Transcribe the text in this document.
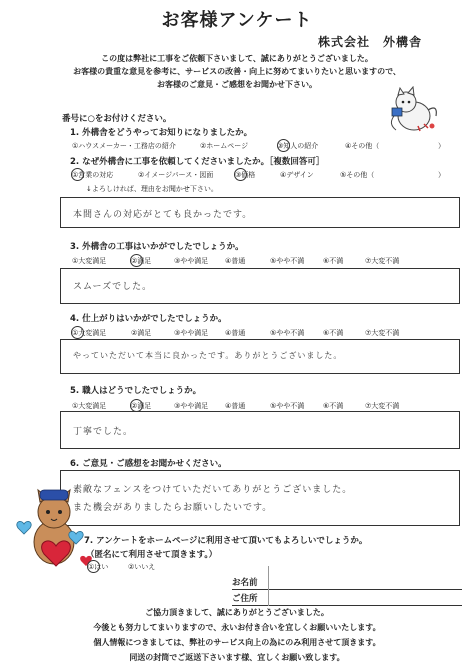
お客様アンケート
株式会社　外構舎
この度は弊社に工事をご依頼下さいまして、誠にありがとうございました。
お客様の貴重な意見を参考に、サービスの改善・向上に努めてまいりたいと思いますので、
お客様のご意見・ご感想をお聞かせ下さい。
番号に○をお付けください。
1. 外構舎をどうやってお知りになりましたか。
①ハウスメーカー・工務店の紹介	②ホームページ	③知人の紹介	④その他（	）
2. なぜ外構舎に工事を依頼してくださいましたか。［複数回答可］
①営業の対応	②イメージパース・図面	③価格	④デザイン	⑤その他（	）
↓よろしければ、理由をお聞かせ下さい。
本間さんの対応がとても良かったです。
3. 外構舎の工事はいかがでしたでしょうか。
①大変満足	②満足	③やや満足 ④普通	⑤やや不満	⑥不満	⑦大変不満
スムーズでした。
4. 仕上がりはいかがでしたでしょうか。
①大変満足	②満足	③やや満足 ④普通	⑤やや不満	⑥不満	⑦大変不満
やっていただいて本当に良かったです。ありがとうございました。
5. 職人はどうでしたでしょうか。
①大変満足	②満足	③やや満足 ④普通	⑤やや不満	⑥不満	⑦大変不満
丁寧でした。
6. ご意見・ご感想をお聞かせください。
素敵なフェンスをつけていただいてありがとうございました。
また機会がありましたらお願いしたいです。
7. アンケートをホームページに利用させて頂いてもよろしいでしょうか。
（匿名にて利用させて頂きます。）
①はい	②いいえ
お名前
ご住所
ご協力頂きまして、誠にありがとうございました。
今後とも努力してまいりますので、永いお付き合いを宜しくお願いいたします。
個人情報につきましては、弊社のサービス向上の為にのみ利用させて頂きます。
同送の封筒でご返送下さいます様、宜しくお願い致します。
